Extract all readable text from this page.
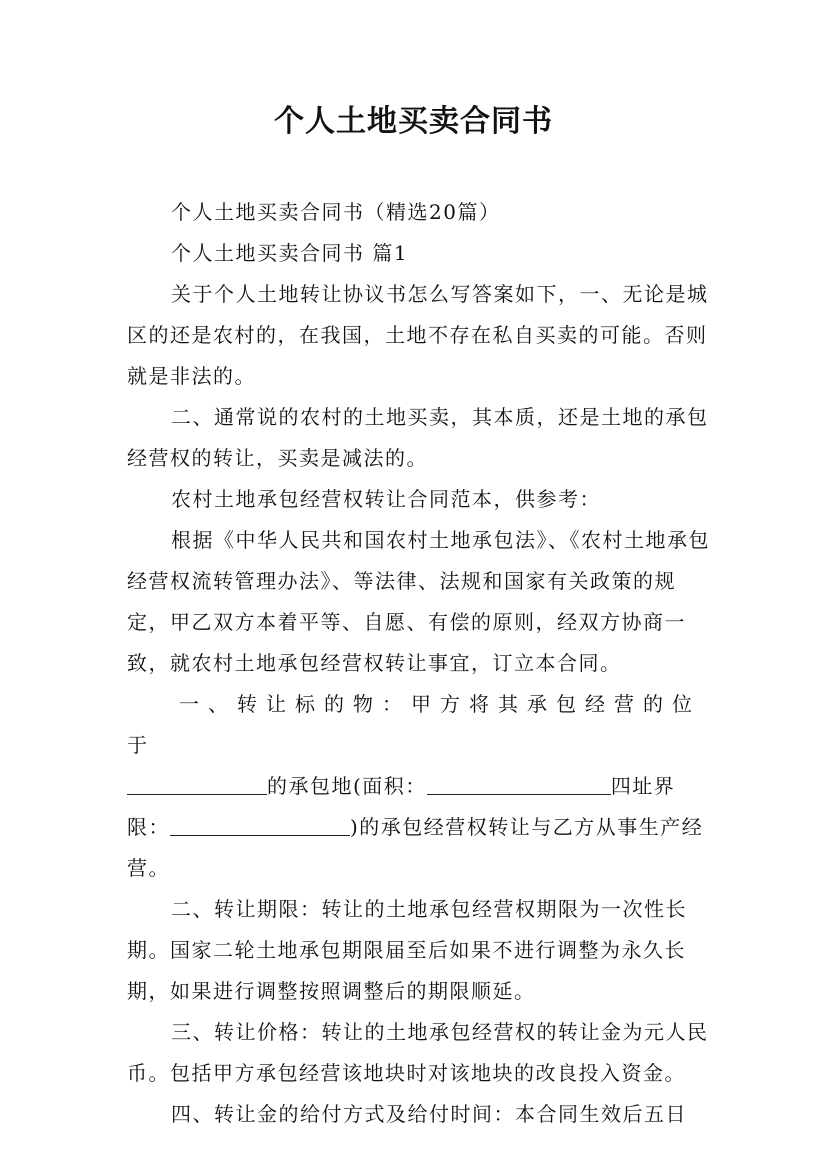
个人土地买卖合同书

个人土地买卖合同书（精选20篇）

个人土地买卖合同书 篇1

关于个人土地转让协议书怎么写答案如下，一、无论是城区的还是农村的，在我国，土地不存在私自买卖的可能。否则就是非法的。

二、通常说的农村的土地买卖，其本质，还是土地的承包经营权的转让，买卖是减法的。

农村土地承包经营权转让合同范本，供参考：

根据《中华人民共和国农村土地承包法》、《农村土地承包经营权流转管理办法》、等法律、法规和国家有关政策的规定，甲乙双方本着平等、自愿、有偿的原则，经双方协商一致，就农村土地承包经营权转让事宜，订立本合同。

一、转让标的物：甲方将其承包经营的位于
的承包地(面积：	四址界限：	)的承包经营权转让与乙方从事生产经营。

二、转让期限：转让的土地承包经营权期限为一次性长期。国家二轮土地承包期限届至后如果不进行调整为永久长期，如果进行调整按照调整后的期限顺延。

三、转让价格：转让的土地承包经营权的转让金为元人民币。包括甲方承包经营该地块时对该地块的改良投入资金。

四、转让金的给付方式及给付时间：本合同生效后五日
